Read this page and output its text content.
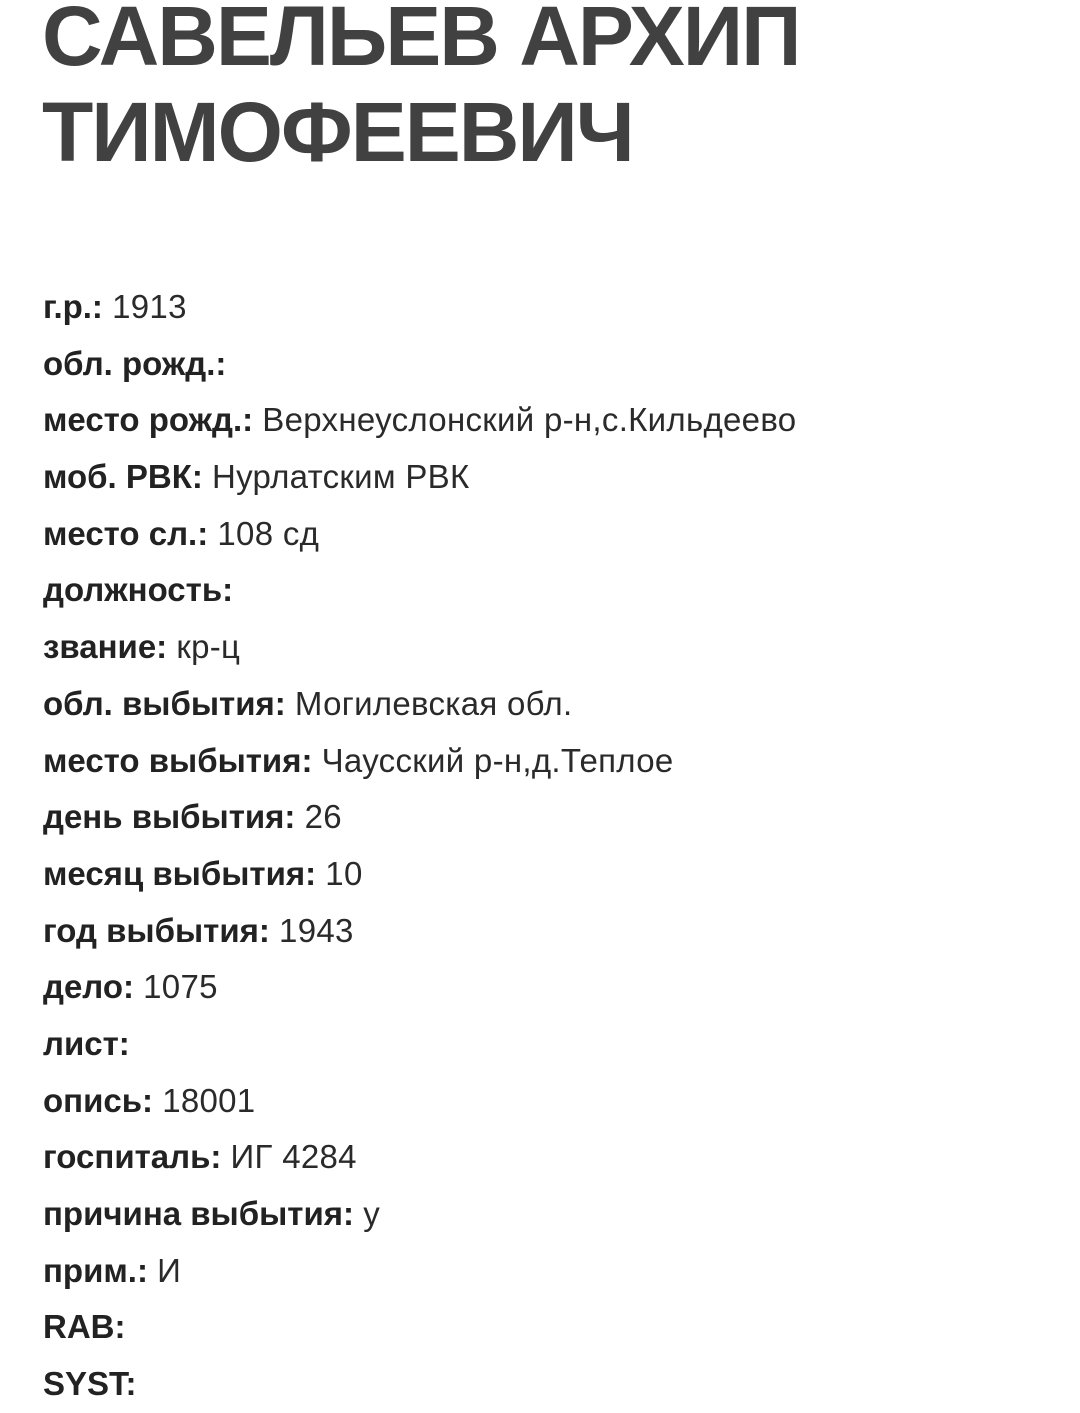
САВЕЛЬЕВ АРХИП
ТИМОФЕЕВИЧ
г.р.: 1913
обл. рожд.:
место рожд.: Верхнеуслонский р-н,с.Кильдеево
моб. РВК: Нурлатским РВК
место сл.: 108 сд
должность:
звание: кр-ц
обл. выбытия: Могилевская обл.
место выбытия: Чаусский р-н,д.Теплое
день выбытия: 26
месяц выбытия: 10
год выбытия: 1943
дело: 1075
лист:
опись: 18001
госпиталь: ИГ 4284
причина выбытия: у
прим.: И
RAB:
SYST:
